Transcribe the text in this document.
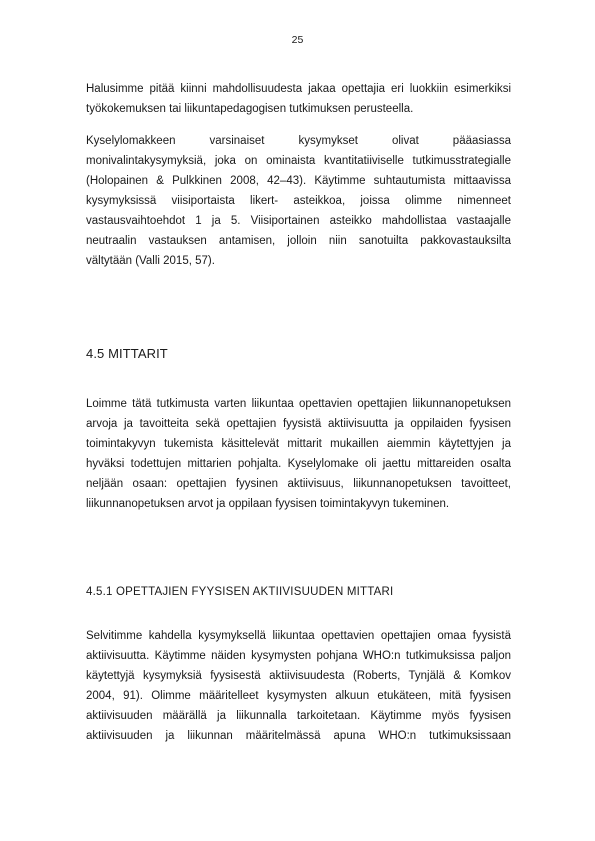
25

Halusimme pitää kiinni mahdollisuudesta jakaa opettajia eri luokkiin esimerkiksi
työkokemuksen tai liikuntapedagogisen tutkimuksen perusteella.

Kyselylomakkeen varsinaiset kysymykset olivat pääasiassa
monivalintakysymyksiä, joka on ominaista kvantitatiiviselle tutkimusstrategialle
(Holopainen & Pulkkinen 2008, 42–43). Käytimme suhtautumista mittaavissa
kysymyksissä viisiportaista likert- asteikkoa, joissa olimme nimenneet
vastausvaihtoehdot 1 ja 5. Viisiportainen asteikko mahdollistaa vastaajalle
neutraalin vastauksen antamisen, jolloin niin sanotuilta pakkovastauksilta
vältytään (Valli 2015, 57).

4.5 MITTARIT

Loimme tätä tutkimusta varten liikuntaa opettavien opettajien liikunnanopetuksen
arvoja ja tavoitteita sekä opettajien fyysistä aktiivisuutta ja oppilaiden fyysisen
toimintakyvyn tukemista käsittelevät mittarit mukaillen aiemmin käytettyjen ja
hyväksi todettujen mittarien pohjalta. Kyselylomake oli jaettu mittareiden osalta
neljään osaan: opettajien fyysinen aktiivisuus, liikunnanopetuksen tavoitteet,
liikunnanopetuksen arvot ja oppilaan fyysisen toimintakyvyn tukeminen.

4.5.1 OPETTAJIEN FYYSISEN AKTIIVISUUDEN MITTARI

Selvitimme kahdella kysymyksellä liikuntaa opettavien opettajien omaa fyysistä
aktiivisuutta. Käytimme näiden kysymysten pohjana WHO:n tutkimuksissa paljon
käytettyjä kysymyksiä fyysisestä aktiivisuudesta (Roberts, Tynjälä & Komkov
2004, 91). Olimme määritelleet kysymysten alkuun etukäteen, mitä fyysisen
aktiivisuuden määrällä ja liikunnalla tarkoitetaan. Käytimme myös fyysisen
aktiivisuuden ja liikunnan määritelmässä apuna WHO:n tutkimuksissaan
